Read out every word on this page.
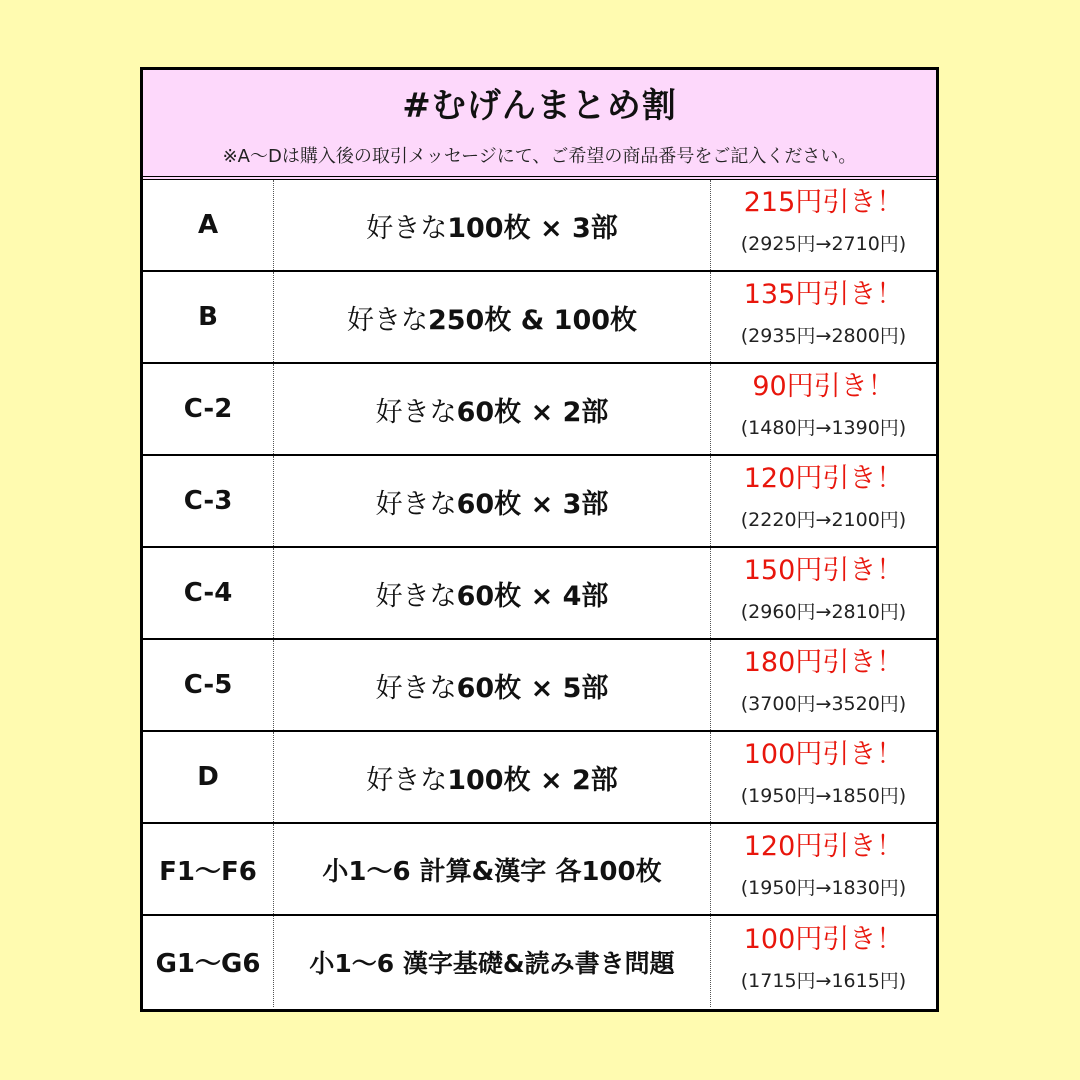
#むげんまとめ割
※A～Dは購入後の取引メッセージにて、ご希望の商品番号をご記入ください。
A	好きな 100枚 × 3部
215円引き！
(2925円→2710円)
B	好きな 250枚 & 100枚
135円引き！
(2935円→2800円)
C-2	好きな 60枚 × 2部
90円引き！
(1480円→1390円)
C-3	好きな 60枚 × 3部
120円引き！
(2220円→2100円)
C-4	好きな 60枚 × 4部
150円引き！
(2960円→2810円)
C-5	好きな 60枚 × 5部
180円引き！
(3700円→3520円)
D	好きな 100枚 × 2部
100円引き！
(1950円→1850円)
F1～F6	小1～6 計算&漢字 各100枚
120円引き！
(1950円→1830円)
G1～G6	小1～6 漢字基礎&読み書き問題
100円引き！
(1715円→1615円)
